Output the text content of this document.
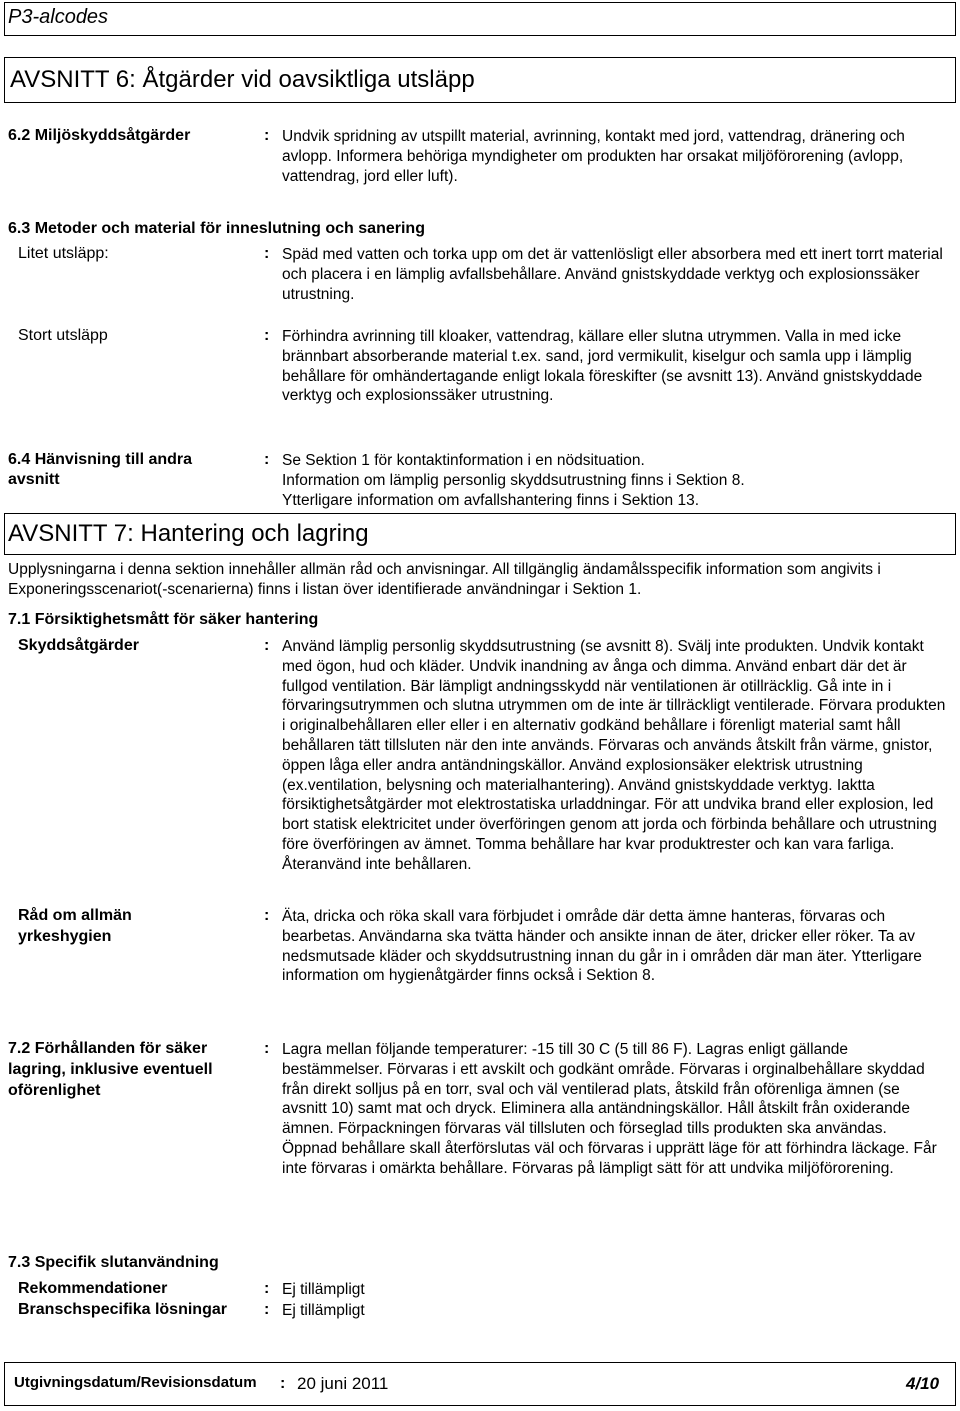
P3-alcodes
AVSNITT 6: Åtgärder vid oavsiktliga utsläpp
6.2 Miljöskyddsåtgärder	: Undvik spridning av utspillt material, avrinning, kontakt med jord, vattendrag, dränering och avlopp. Informera behöriga myndigheter om produkten har orsakat miljöförorening (avlopp, vattendrag, jord eller luft).
6.3 Metoder och material för inneslutning och sanering
Litet utsläpp:	: Späd med vatten och torka upp om det är vattenlösligt eller absorbera med ett inert torrt material och placera i en lämplig avfallsbehållare. Använd gnistskyddade verktyg och explosionssäker utrustning.
Stort utsläpp	: Förhindra avrinning till kloaker, vattendrag, källare eller slutna utrymmen. Valla in med icke brännbart absorberande material t.ex. sand, jord vermikulit, kiselgur och samla upp i lämplig behållare för omhändertagande enligt lokala föreskifter (se avsnitt 13). Använd gnistskyddade verktyg och explosionssäker utrustning.
6.4 Hänvisning till andra
avsnitt
: Se Sektion 1 för kontaktinformation i en nödsituation.
Information om lämplig personlig skyddsutrustning finns i Sektion 8.
Ytterligare information om avfallshantering finns i Sektion 13.
AVSNITT 7: Hantering och lagring
Upplysningarna i denna sektion innehåller allmän råd och anvisningar. All tillgänglig ändamålsspecifik information som angivits i Exponeringsscenariot(-scenarierna) finns i listan över identifierade användningar i Sektion 1.
7.1 Försiktighetsmått för säker hantering
Skyddsåtgärder	: Använd lämplig personlig skyddsutrustning (se avsnitt 8). Svälj inte produkten. Undvik kontakt med ögon, hud och kläder. Undvik inandning av ånga och dimma. Använd enbart där det är fullgod ventilation. Bär lämpligt andningsskydd när ventilationen är otillräcklig. Gå inte in i förvaringsutrymmen och slutna utrymmen om de inte är tillräckligt ventilerade. Förvara produkten i originalbehållaren eller eller i en alternativ godkänd behållare i förenligt material samt håll behållaren tätt tillsluten när den inte används. Förvaras och används åtskilt från värme, gnistor, öppen låga eller andra antändningskällor. Använd explosionsäker elektrisk utrustning (ex.ventilation, belysning och materialhantering). Använd gnistskyddade verktyg. Iaktta försiktighetsåtgärder mot elektrostatiska urladdningar. För att undvika brand eller explosion, led bort statisk elektricitet under överföringen genom att jorda och förbinda behållare och utrustning före överföringen av ämnet. Tomma behållare har kvar produktrester och kan vara farliga. Återanvänd inte behållaren.
Råd om allmän
yrkeshygien
: Äta, dricka och röka skall vara förbjudet i område där detta ämne hanteras, förvaras och bearbetas. Användarna ska tvätta händer och ansikte innan de äter, dricker eller röker. Ta av nedsmutsade kläder och skyddsutrustning innan du går in i områden där man äter. Ytterligare information om hygienåtgärder finns också i Sektion 8.
7.2 Förhållanden för säker
lagring, inklusive eventuell
oförenlighet
: Lagra mellan följande temperaturer: -15 till 30 C (5 till 86 F). Lagras enligt gällande bestämmelser. Förvaras i ett avskilt och godkänt område. Förvaras i orginalbehållare skyddad från direkt solljus på en torr, sval och väl ventilerad plats, åtskild från oförenliga ämnen (se avsnitt 10) samt mat och dryck. Eliminera alla antändningskällor. Håll åtskilt från oxiderande ämnen. Förpackningen förvaras väl tillsluten och förseglad tills produkten ska användas. Öppnad behållare skall återförslutas väl och förvaras i upprätt läge för att förhindra läckage. Får inte förvaras i omärkta behållare. Förvaras på lämpligt sätt för att undvika miljöförorening.
7.3 Specifik slutanvändning
Rekommendationer	: Ej tillämpligt
Branschspecifika lösningar : Ej tillämpligt
Utgivningsdatum/Revisionsdatum : 20 juni 2011	4/10
